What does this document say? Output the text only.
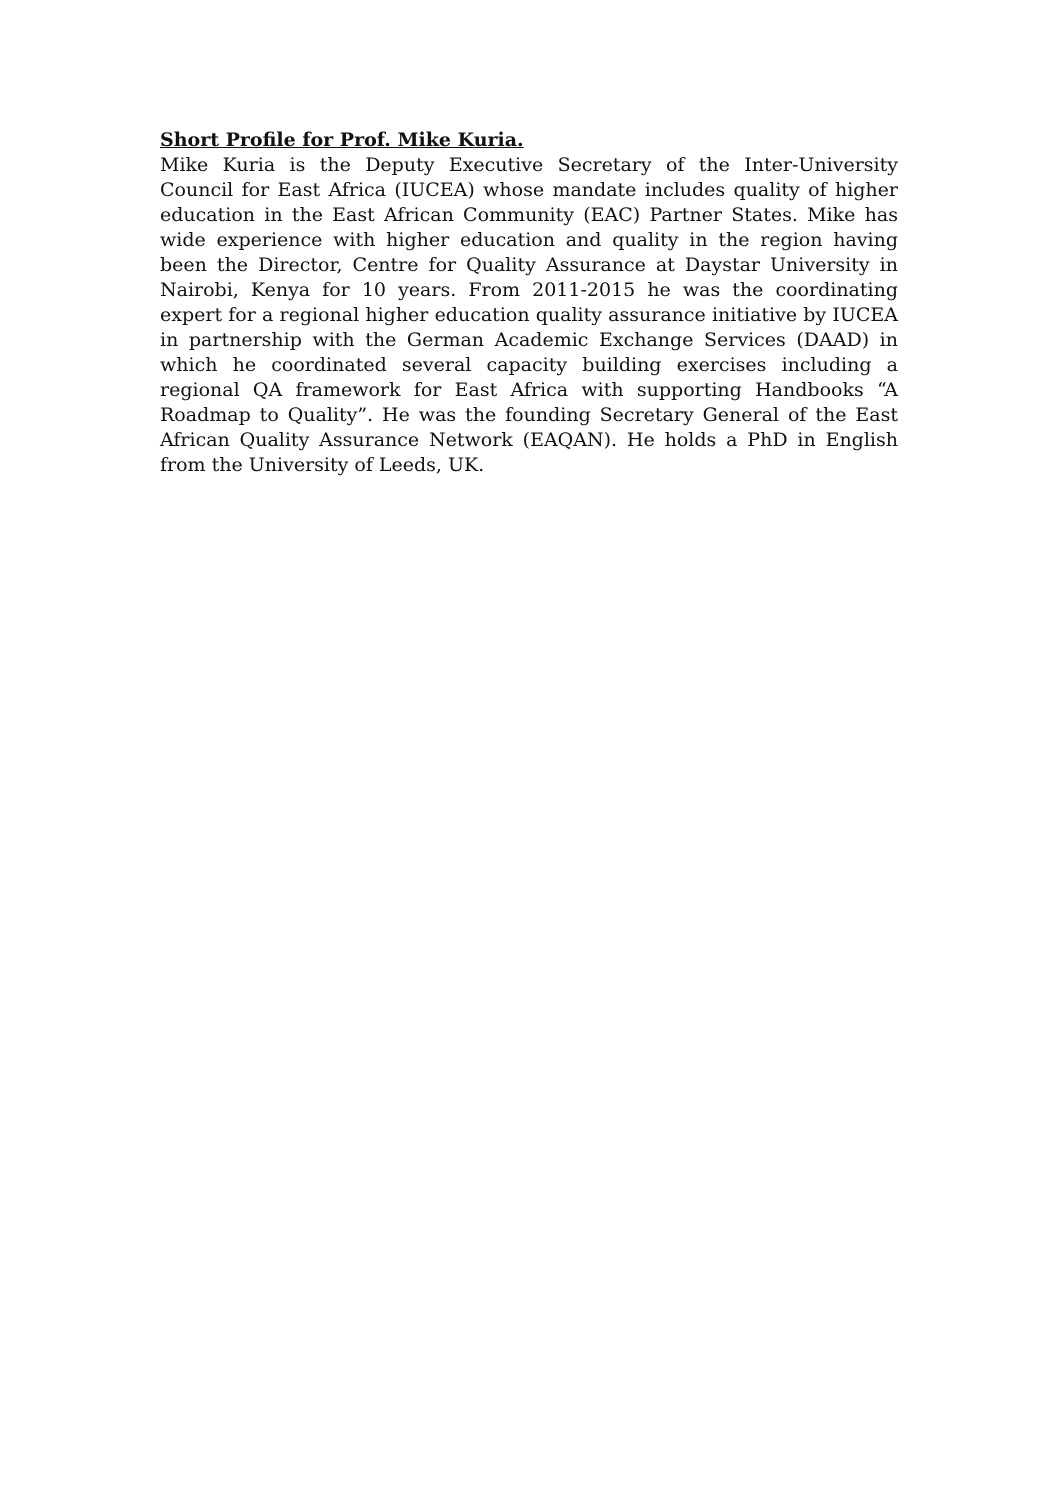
Short Profile for Prof. Mike Kuria.

Mike Kuria is the Deputy Executive Secretary of the Inter-University Council for East Africa (IUCEA) whose mandate includes quality of higher education in the East African Community (EAC) Partner States. Mike has wide experience with higher education and quality in the region having been the Director, Centre for Quality Assurance at Daystar University in Nairobi, Kenya for 10 years. From 2011-2015 he was the coordinating expert for a regional higher education quality assurance initiative by IUCEA in partnership with the German Academic Exchange Services (DAAD) in which he coordinated several capacity building exercises including a regional QA framework for East Africa with supporting Handbooks “A Roadmap to Quality”. He was the founding Secretary General of the East African Quality Assurance Network (EAQAN). He holds a PhD in English from the University of Leeds, UK.
